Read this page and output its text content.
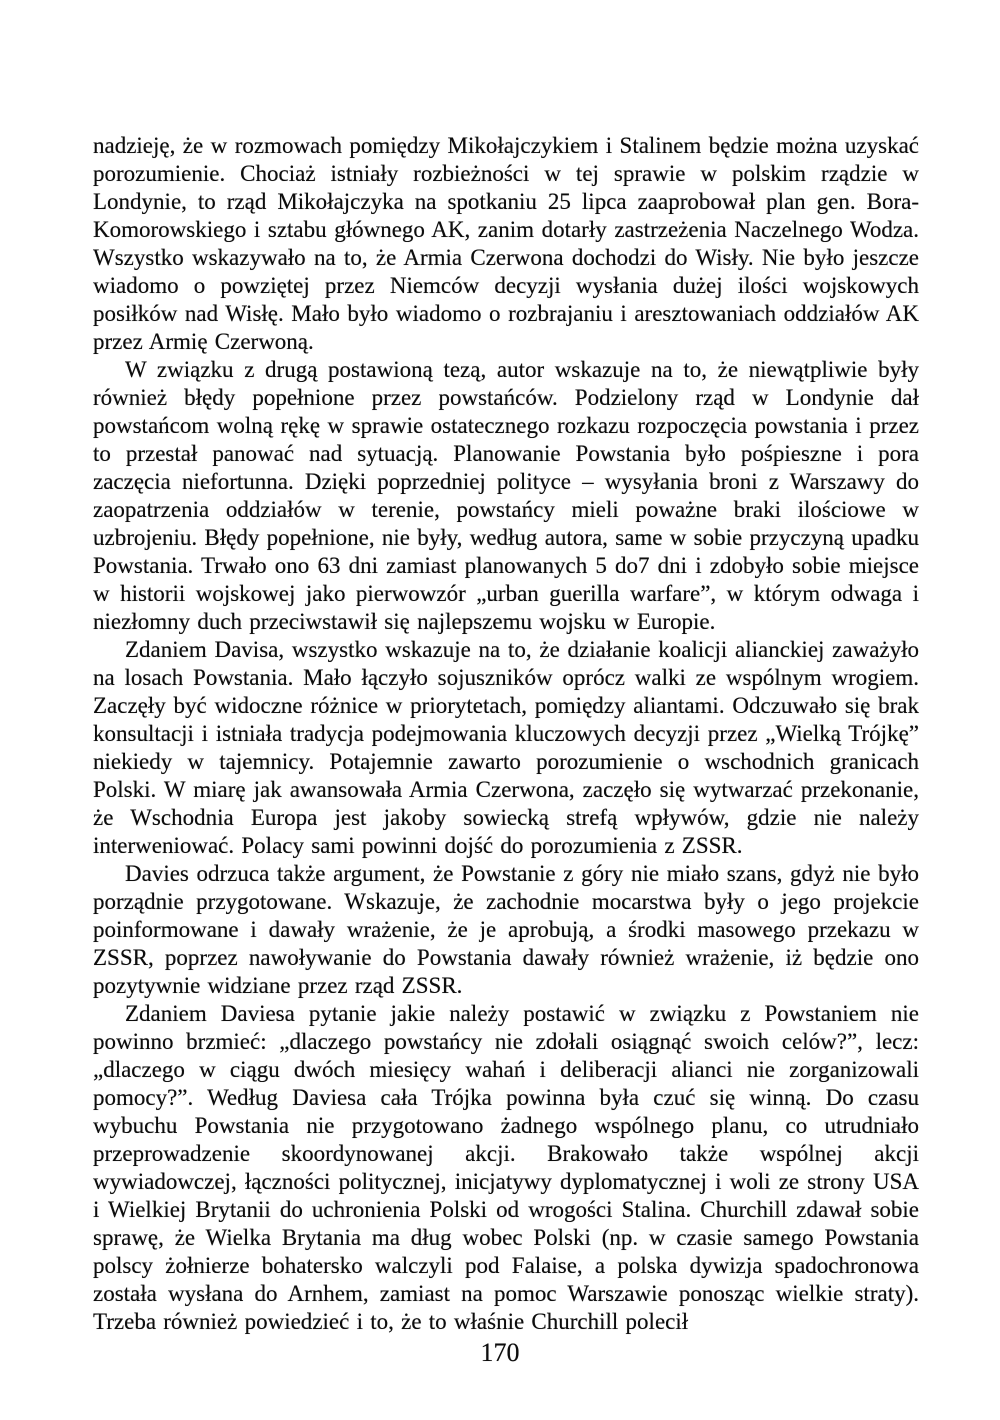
nadzieję, że w rozmowach pomiędzy Mikołajczykiem i Stalinem będzie można uzyskać porozumienie. Chociaż istniały rozbieżności w tej sprawie w polskim rządzie w Londynie, to rząd Mikołajczyka na spotkaniu 25 lipca zaaprobował plan gen. Bora-Komorowskiego i sztabu głównego AK, zanim dotarły zastrzeżenia Naczelnego Wodza. Wszystko wskazywało na to, że Armia Czerwona dochodzi do Wisły. Nie było jeszcze wiadomo o powziętej przez Niemców decyzji wysłania dużej ilości wojskowych posiłków nad Wisłę. Mało było wiadomo o rozbrajaniu i aresztowaniach oddziałów AK przez Armię Czerwoną.

W związku z drugą postawioną tezą, autor wskazuje na to, że niewątpliwie były również błędy popełnione przez powstańców. Podzielony rząd w Londynie dał powstańcom wolną rękę w sprawie ostatecznego rozkazu rozpoczęcia powstania i przez to przestał panować nad sytuacją. Planowanie Powstania było pośpieszne i pora zaczęcia niefortunna. Dzięki poprzedniej polityce – wysyłania broni z Warszawy do zaopatrzenia oddziałów w terenie, powstańcy mieli poważne braki ilościowe w uzbrojeniu. Błędy popełnione, nie były, według autora, same w sobie przyczyną upadku Powstania. Trwało ono 63 dni zamiast planowanych 5 do7 dni i zdobyło sobie miejsce w historii wojskowej jako pierwowzór „urban guerilla warfare”, w którym odwaga i niezłomny duch przeciwstawił się najlepszemu wojsku w Europie.

Zdaniem Davisa, wszystko wskazuje na to, że działanie koalicji alianckiej zaważyło na losach Powstania. Mało łączyło sojuszników oprócz walki ze wspólnym wrogiem. Zaczęły być widoczne różnice w priorytetach, pomiędzy aliantami. Odczuwało się brak konsultacji i istniała tradycja podejmowania kluczowych decyzji przez „Wielką Trójkę” niekiedy w tajemnicy. Potajemnie zawarto porozumienie o wschodnich granicach Polski. W miarę jak awansowała Armia Czerwona, zaczęło się wytwarzać przekonanie, że Wschodnia Europa jest jakoby sowiecką strefą wpływów, gdzie nie należy interweniować. Polacy sami powinni dojść do porozumienia z ZSSR.

Davies odrzuca także argument, że Powstanie z góry nie miało szans, gdyż nie było porządnie przygotowane. Wskazuje, że zachodnie mocarstwa były o jego projekcie poinformowane i dawały wrażenie, że je aprobują, a środki masowego przekazu w ZSSR, poprzez nawoływanie do Powstania dawały również wrażenie, iż będzie ono pozytywnie widziane przez rząd ZSSR.

Zdaniem Daviesa pytanie jakie należy postawić w związku z Powstaniem nie powinno brzmieć: „dlaczego powstańcy nie zdołali osiągnąć swoich celów?”, lecz: „dlaczego w ciągu dwóch miesięcy wahań i deliberacji alianci nie zorganizowali pomocy?”. Według Daviesa cała Trójka powinna była czuć się winną. Do czasu wybuchu Powstania nie przygotowano żadnego wspólnego planu, co utrudniało przeprowadzenie skoordynowanej akcji. Brakowało także wspólnej akcji wywiadowczej, łączności politycznej, inicjatywy dyplomatycznej i woli ze strony USA i Wielkiej Brytanii do uchronienia Polski od wrogości Stalina. Churchill zdawał sobie sprawę, że Wielka Brytania ma dług wobec Polski (np. w czasie samego Powstania polscy żołnierze bohatersko walczyli pod Falaise, a polska dywizja spadochronowa została wysłana do Arnhem, zamiast na pomoc Warszawie ponosząc wielkie straty). Trzeba również powiedzieć i to, że to właśnie Churchill polecił

170
